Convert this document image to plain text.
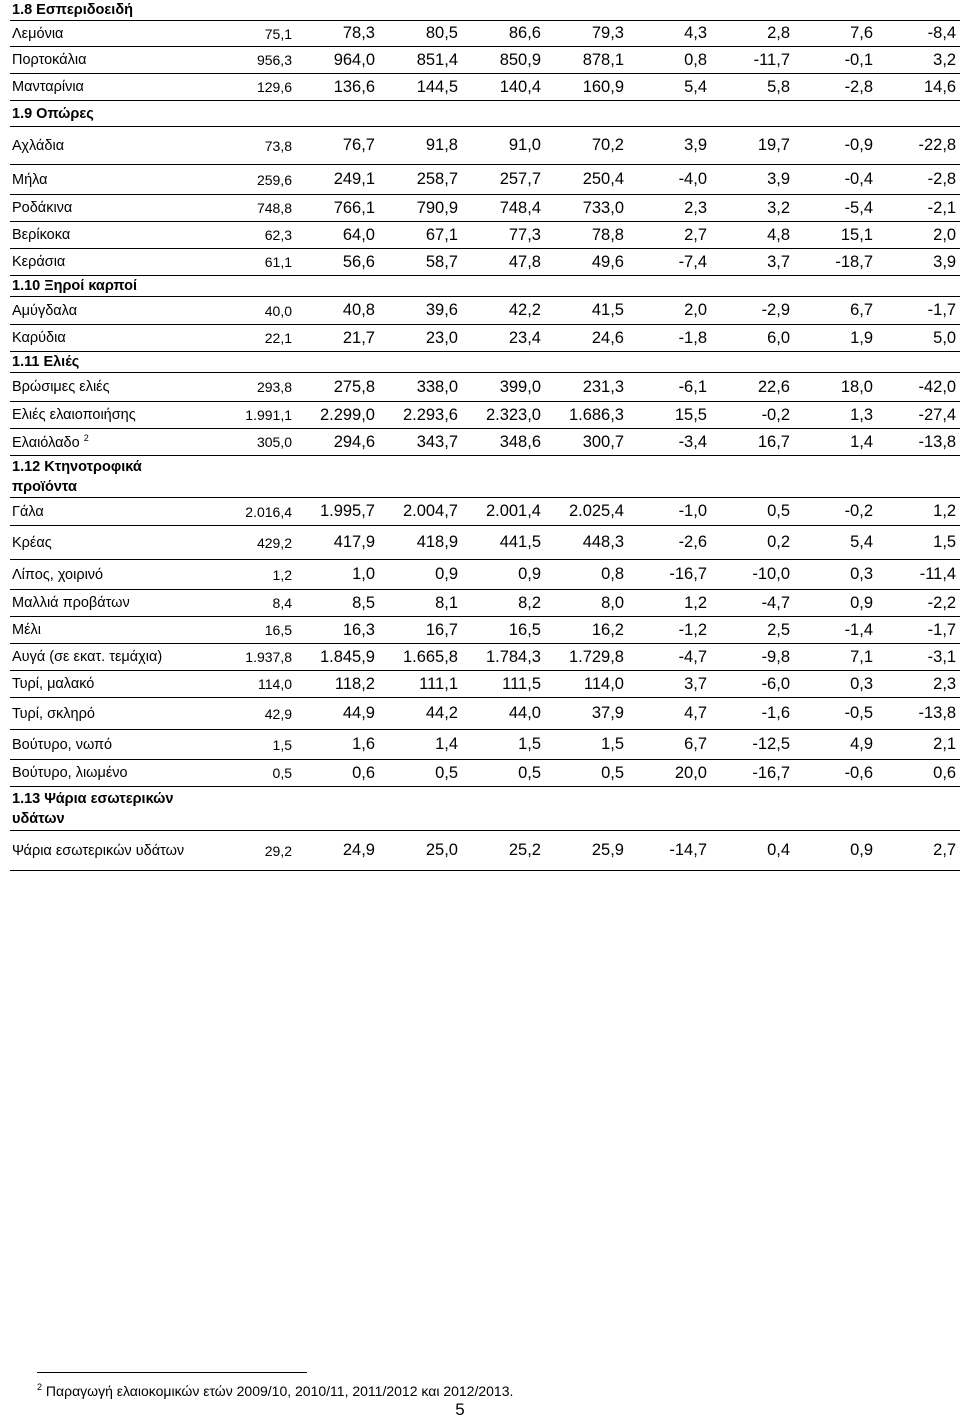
1.8 Εσπεριδοειδή									
Λεμόνια	75,1	78,3	80,5	86,6	79,3	4,3	2,8	7,6	-8,4
Πορτοκάλια	956,3	964,0	851,4	850,9	878,1	0,8	-11,7	-0,1	3,2
Μανταρίνια	129,6	136,6	144,5	140,4	160,9	5,4	5,8	-2,8	14,6
1.9 Οπώρες									
Αχλάδια	73,8	76,7	91,8	91,0	70,2	3,9	19,7	-0,9	-22,8
Μήλα	259,6	249,1	258,7	257,7	250,4	-4,0	3,9	-0,4	-2,8
Ροδάκινα	748,8	766,1	790,9	748,4	733,0	2,3	3,2	-5,4	-2,1
Βερίκοκα	62,3	64,0	67,1	77,3	78,8	2,7	4,8	15,1	2,0
Κεράσια	61,1	56,6	58,7	47,8	49,6	-7,4	3,7	-18,7	3,9
1.10 Ξηροί καρποί									
Αμύγδαλα	40,0	40,8	39,6	42,2	41,5	2,0	-2,9	6,7	-1,7
Καρύδια	22,1	21,7	23,0	23,4	24,6	-1,8	6,0	1,9	5,0
1.11 Ελιές									
Βρώσιμες ελιές	293,8	275,8	338,0	399,0	231,3	-6,1	22,6	18,0	-42,0
Ελιές ελαιοποιήσης	1.991,1	2.299,0	2.293,6	2.323,0	1.686,3	15,5	-0,2	1,3	-27,4
Ελαιόλαδο $^2$	305,0	294,6	343,7	348,6	300,7	-3,4	16,7	1,4	-13,8
1.12 Κτηνοτροφικά προϊόντα									
Γάλα	2.016,4	1.995,7	2.004,7	2.001,4	2.025,4	-1,0	0,5	-0,2	1,2
Κρέας	429,2	417,9	418,9	441,5	448,3	-2,6	0,2	5,4	1,5
Λίπος, χοιρινό	1,2	1,0	0,9	0,9	0,8	-16,7	-10,0	0,3	-11,4
Μαλλιά προβάτων	8,4	8,5	8,1	8,2	8,0	1,2	-4,7	0,9	-2,2
Μέλι	16,5	16,3	16,7	16,5	16,2	-1,2	2,5	-1,4	-1,7
Αυγά (σε εκατ. τεμάχια)	1.937,8	1.845,9	1.665,8	1.784,3	1.729,8	-4,7	-9,8	7,1	-3,1
Τυρί, μαλακό	114,0	118,2	111,1	111,5	114,0	3,7	-6,0	0,3	2,3
Τυρί, σκληρό	42,9	44,9	44,2	44,0	37,9	4,7	-1,6	-0,5	-13,8
Βούτυρο, νωπό	1,5	1,6	1,4	1,5	1,5	6,7	-12,5	4,9	2,1
Βούτυρο, λιωμένο	0,5	0,6	0,5	0,5	0,5	20,0	-16,7	-0,6	0,6
1.13 Ψάρια εσωτερικών υδάτων									
Ψάρια εσωτερικών υδάτων	29,2	24,9	25,0	25,2	25,9	-14,7	0,4	0,9	2,7
$^2$ Παραγωγή ελαιοκομικών ετών 2009/10, 2010/11, 2011/2012 και 2012/2013.
5
